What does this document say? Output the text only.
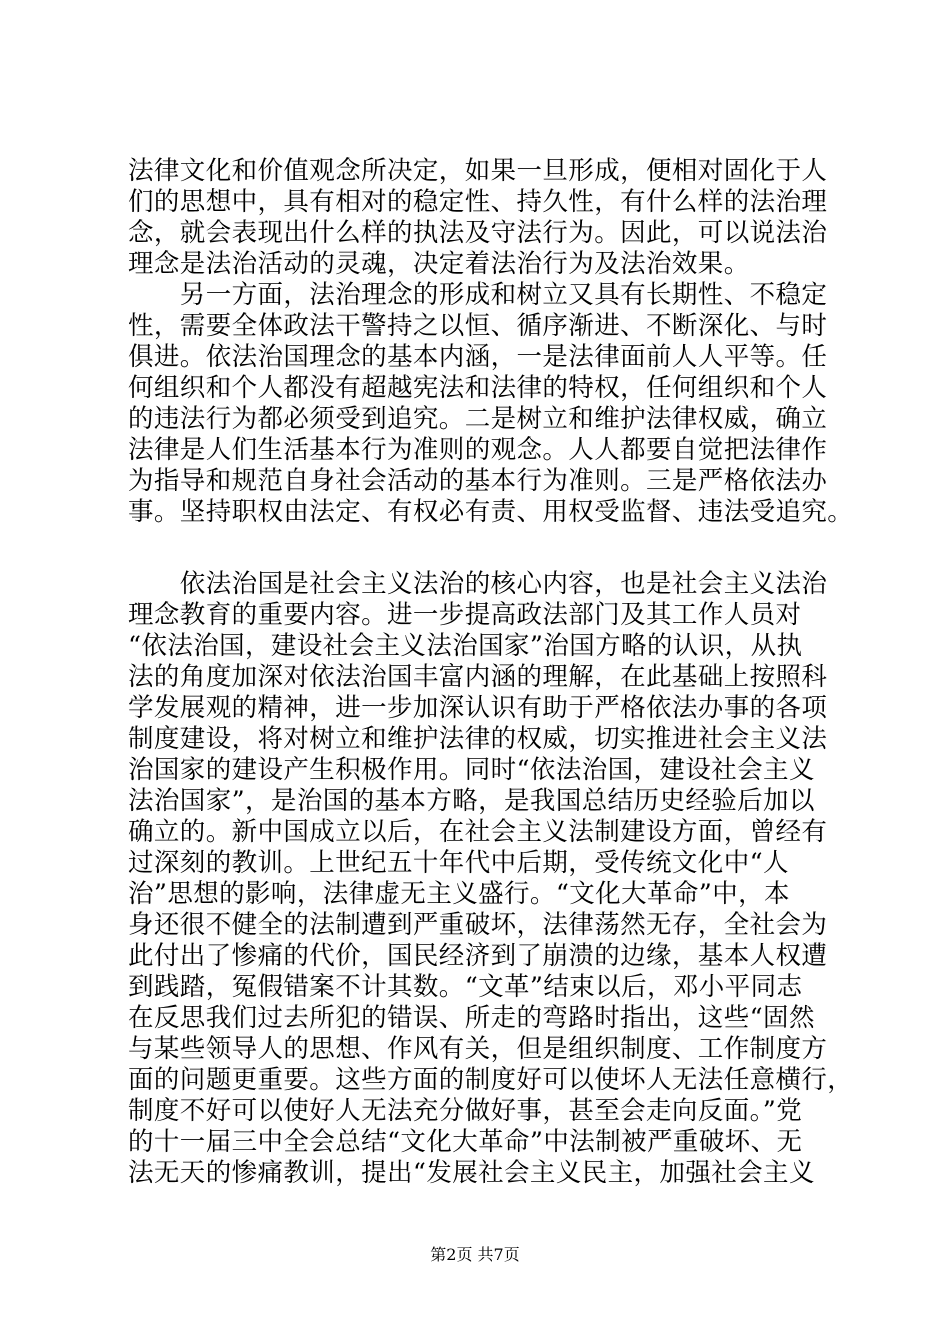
法律文化和价值观念所决定，如果一旦形成，便相对固化于人
们的思想中，具有相对的稳定性、持久性，有什么样的法治理
念，就会表现出什么样的执法及守法行为。因此，可以说法治
理念是法治活动的灵魂，决定着法治行为及法治效果。
　　另一方面，法治理念的形成和树立又具有长期性、不稳定
性，需要全体政法干警持之以恒、循序渐进、不断深化、与时
俱进。依法治国理念的基本内涵，一是法律面前人人平等。任
何组织和个人都没有超越宪法和法律的特权，任何组织和个人
的违法行为都必须受到追究。二是树立和维护法律权威，确立
法律是人们生活基本行为准则的观念。人人都要自觉把法律作
为指导和规范自身社会活动的基本行为准则。三是严格依法办
事。坚持职权由法定、有权必有责、用权受监督、违法受追究。
　　依法治国是社会主义法治的核心内容，也是社会主义法治
理念教育的重要内容。进一步提高政法部门及其工作人员对
“依法治国，建设社会主义法治国家”治国方略的认识，从执
法的角度加深对依法治国丰富内涵的理解，在此基础上按照科
学发展观的精神，进一步加深认识有助于严格依法办事的各项
制度建设，将对树立和维护法律的权威，切实推进社会主义法
治国家的建设产生积极作用。同时“依法治国，建设社会主义
法治国家”，是治国的基本方略，是我国总结历史经验后加以
确立的。新中国成立以后，在社会主义法制建设方面，曾经有
过深刻的教训。上世纪五十年代中后期，受传统文化中“人
治”思想的影响，法律虚无主义盛行。“文化大革命”中，本
身还很不健全的法制遭到严重破坏，法律荡然无存，全社会为
此付出了惨痛的代价，国民经济到了崩溃的边缘，基本人权遭
到践踏，冤假错案不计其数。“文革”结束以后，邓小平同志
在反思我们过去所犯的错误、所走的弯路时指出，这些“固然
与某些领导人的思想、作风有关，但是组织制度、工作制度方
面的问题更重要。这些方面的制度好可以使坏人无法任意横行，
制度不好可以使好人无法充分做好事，甚至会走向反面。”党
的十一届三中全会总结“文化大革命”中法制被严重破坏、无
法无天的惨痛教训，提出“发展社会主义民主，加强社会主义
第2页 共7页
